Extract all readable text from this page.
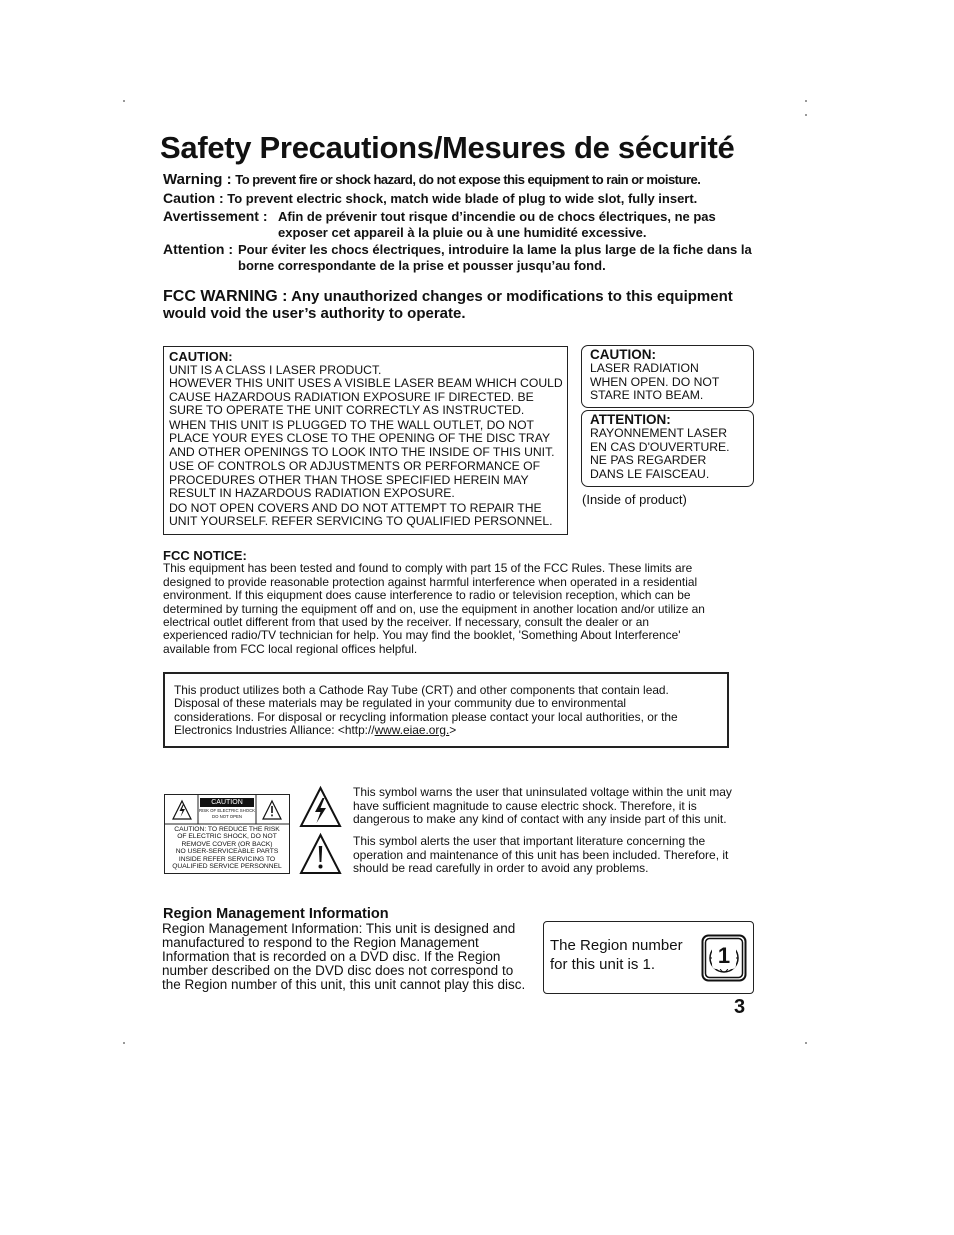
Safety Precautions/Mesures de sécurité
Warning : To prevent fire or shock hazard, do not expose this equipment to rain or moisture.
Caution : To prevent electric shock, match wide blade of plug to wide slot, fully insert.
Avertissement : Afin de prévenir tout risque d’incendie ou de chocs électriques, ne pas
exposer cet appareil à la pluie ou à une humidité excessive.
Attention : Pour éviter les chocs électriques, introduire la lame la plus large de la fiche dans la
borne correspondante de la prise et pousser jusqu’au fond.
FCC WARNING : Any unauthorized changes or modifications to this equipment
would void the user’s authority to operate.
CAUTION:

UNIT IS A CLASS I LASER PRODUCT.
HOWEVER THIS UNIT USES A VISIBLE LASER BEAM WHICH COULD
CAUSE HAZARDOUS RADIATION EXPOSURE IF DIRECTED. BE
SURE TO OPERATE THE UNIT CORRECTLY AS INSTRUCTED.

WHEN THIS UNIT IS PLUGGED TO THE WALL OUTLET, DO NOT
PLACE YOUR EYES CLOSE TO THE OPENING OF THE DISC TRAY
AND OTHER OPENINGS TO LOOK INTO THE INSIDE OF THIS UNIT.

USE OF CONTROLS OR ADJUSTMENTS OR PERFORMANCE OF
PROCEDURES OTHER THAN THOSE SPECIFIED HEREIN MAY
RESULT IN HAZARDOUS RADIATION EXPOSURE.

DO NOT OPEN COVERS AND DO NOT ATTEMPT TO REPAIR THE
UNIT YOURSELF. REFER SERVICING TO QUALIFIED PERSONNEL.

CAUTION:
LASER RADIATION
WHEN OPEN. DO NOT
STARE INTO BEAM.
ATTENTION:
RAYONNEMENT LASER
EN CAS D'OUVERTURE.
NE PAS REGARDER
DANS LE FAISCEAU.
(Inside of product)
FCC NOTICE:
This equipment has been tested and found to comply with part 15 of the FCC Rules. These limits are
designed to provide reasonable protection against harmful interference when operated in a residential
environment. If this eiqupment does cause interference to radio or television reception, which can be
determined by turning the equipment off and on, use the equipment in another location and/or utilize an
electrical outlet different from that used by the receiver. If necessary, consult the dealer or an
experienced radio/TV technician for help. You may find the booklet, 'Something About Interference'
available from FCC local regional offices helpful.
This product utilizes both a Cathode Ray Tube (CRT) and other components that contain lead.
Disposal of these materials may be regulated in your community due to environmental
considerations. For disposal or recycling information please contact your local authorities, or the
Electronics Industries Alliance: <http://www.eiae.org.>
CAUTION
RISK OF ELECTRIC SHOCK
DO NOT OPEN
CAUTION: TO REDUCE THE RISK
OF ELECTRIC SHOCK, DO NOT
REMOVE COVER (OR BACK)
NO USER-SERVICEABLE PARTS
INSIDE REFER SERVICING TO
QUALIFIED SERVICE PERSONNEL
This symbol warns the user that uninsulated voltage within the unit may
have sufficient magnitude to cause electric shock. Therefore, it is
dangerous to make any kind of contact with any inside part of this unit.
This symbol alerts the user that important literature concerning the
operation and maintenance of this unit has been included. Therefore, it
should be read carefully in order to avoid any problems.
Region Management Information
Region Management Information: This unit is designed and
manufactured to respond to the Region Management
Information that is recorded on a DVD disc. If the Region
number described on the DVD disc does not correspond to
the Region number of this unit, this unit cannot play this disc.
The Region number
for this unit is 1.	1
3
